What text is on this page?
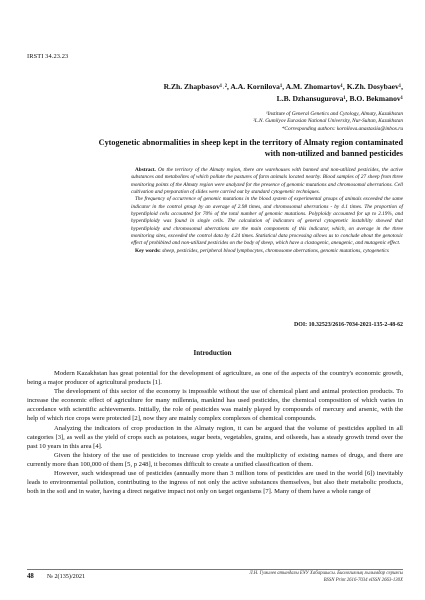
IRSTI 34.23.23
R.Zh. Zhapbasov¹˒², A.A. Kornilova¹, A.M. Zhomartov¹, K.Zh. Dosybaev¹,
L.B. Dzhansugurova¹, B.O. Bekmanov¹
¹Institute of General Genetics and Cytology, Almaty, Kazakhstan
²L.N. Gumilyov Eurasian National University, Nur-Sultan, Kazakhstan
*Corresponding authors: kornilova.anastasiia@inbox.ru
Cytogenetic abnormalities in sheep kept in the territory of Almaty region contaminated
with non-utilized and banned pesticides

Abstract. On the territory of the Almaty region, there are warehouses with banned and non-utilized pesticides, the active substances and metabolites of which pollute the pastures of farm animals located nearby. Blood samples of 27 sheep from three monitoring points of the Almaty region were analyzed for the presence of genomic mutations and chromosomal aberrations. Cell cultivation and preparation of slides were carried out by standard cytogenetic techniques.

The frequency of occurrence of genomic mutations in the blood system of experimental groups of animals exceeded the same indicator in the control group by an average of 2.98 times, and chromosomal aberrations - by 4.1 times. The proportion of hyperdiploid cells accounted for 70% of the total number of genomic mutations. Polyploidy accounted for up to 2.19%, and hyperdiploidy was found in single cells. The calculation of indicators of general cytogenetic instability showed that hyperdiploidy and chromosomal aberrations are the main components of this indicator, which, on average in the three monitoring sites, exceeded the control data by 4.24 times. Statistical data processing allows us to conclude about the genotoxic effect of prohibited and non-utilized pesticides on the body of sheep, which have a clastogenic, aneugenic, and mutagenic effect.

Key words: sheep, pesticides, peripheral blood lymphocytes, chromosome aberrations, genomic mutations, cytogenetics

DOI: 10.32523/2616-7034-2021-135-2-48-62
Introduction

Modern Kazakhstan has great potential for the development of agriculture, as one of the aspects of the country's economic growth, being a major producer of agricultural products [1].

The development of this sector of the economy is impossible without the use of chemical plant and animal protection products. To increase the economic effect of agriculture for many millennia, mankind has used pesticides, the chemical composition of which varies in accordance with scientific achievements. Initially, the role of pesticides was mainly played by compounds of mercury and arsenic, with the help of which rice crops were protected [2], now they are mainly complex complexes of chemical compounds.

Analyzing the indicators of crop production in the Almaty region, it can be argued that the volume of pesticides applied in all categories [3], as well as the yield of crops such as potatoes, sugar beets, vegetables, grains, and oilseeds, has a steady growth trend over the past 10 years in this area [4].

Given the history of the use of pesticides to increase crop yields and the multiplicity of existing names of drugs, and there are currently more than 100,000 of them [5, p 248], it becomes difficult to create a unified classification of them.

However, such widespread use of pesticides (annually more than 3 million tons of pesticides are used in the world [6]) inevitably leads to environmental pollution, contributing to the ingress of not only the active substances themselves, but also their metabolic products, both in the soil and in water, having a direct negative impact not only on target organisms [7]. Many of them have a whole range of

48 № 2(135)/2021	Л.Н. Гумилев атындағы ЕҰУ Хабаршысы. Биологиялық ғылымдар сериясы
BSSN Print 2616-7034 eISSN 2663-130X
